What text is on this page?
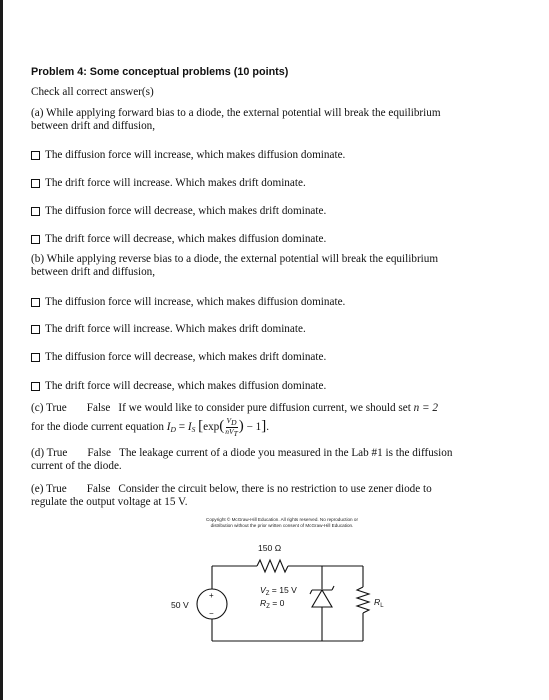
Problem 4: Some conceptual problems (10 points)
Check all correct answer(s)
(a) While applying forward bias to a diode, the external potential will break the equilibrium
between drift and diffusion,
The diffusion force will increase, which makes diffusion dominate.
The drift force will increase. Which makes drift dominate.
The diffusion force will decrease, which makes drift dominate.
The drift force will decrease, which makes diffusion dominate.
(b) While applying reverse bias to a diode, the external potential will break the equilibrium
between drift and diffusion,
The diffusion force will increase, which makes diffusion dominate.
The drift force will increase. Which makes drift dominate.
The diffusion force will decrease, which makes drift dominate.
The drift force will decrease, which makes diffusion dominate.
(c) True False If we would like to consider pure diffusion current, we should set n = 2
for the diode current equation $I_D = I_S$ [$\exp( \frac{VD}{\text{nVT}}$ ) − 1].
(d) True False The leakage current of a diode you measured in the Lab #1 is the diffusion
current of the diode.
(e) True False Consider the circuit below, there is no restriction to use zener diode to
regulate the output voltage at 15 V.
Copyright © McGraw-Hill Education. All rights reserved. No reproduction or
distribution without the prior written consent of McGraw-Hill Education.
150 Ω
50 V
+
−
$V_Z = 15$ V
$R_Z = 0$	$R_L$
